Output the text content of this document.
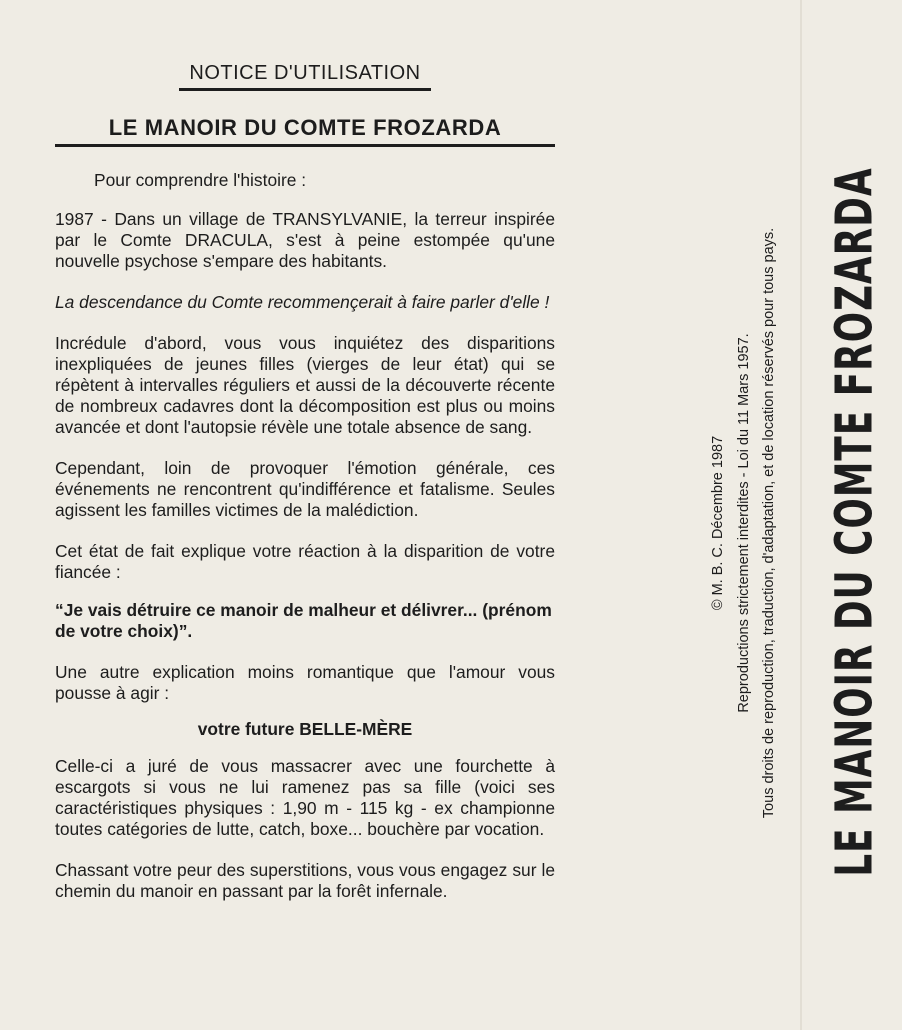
NOTICE D'UTILISATION
LE MANOIR DU COMTE FROZARDA

Pour comprendre l'histoire :

1987 - Dans un village de TRANSYLVANIE, la terreur inspirée par le Comte DRACULA, s'est à peine estompée qu'une nouvelle psychose s'empare des habitants.

La descendance du Comte recommençerait à faire parler d'elle !

Incrédule d'abord, vous vous inquiétez des disparitions inexpliquées de jeunes filles (vierges de leur état) qui se répètent à intervalles réguliers et aussi de la découverte récente de nombreux cadavres dont la décomposition est plus ou moins avancée et dont l'autopsie révèle une totale absence de sang.

Cependant, loin de provoquer l'émotion générale, ces événements ne rencontrent qu'indifférence et fatalisme. Seules agissent les familles victimes de la malédiction.

Cet état de fait explique votre réaction à la disparition de votre fiancée :

“Je vais détruire ce manoir de malheur et délivrer... (prénom de votre choix)”.

Une autre explication moins romantique que l'amour vous pousse à agir :

votre future BELLE-MÈRE

Celle-ci a juré de vous massacrer avec une fourchette à escargots si vous ne lui ramenez pas sa fille (voici ses caractéristiques physiques : 1,90 m - 115 kg - ex championne toutes catégories de lutte, catch, boxe... bouchère par vocation.

Chassant votre peur des superstitions, vous vous engagez sur le chemin du manoir en passant par la forêt infernale.

© M. B. C. Décembre 1987 Reproductions strictement interdites - Loi du 11 Mars 1957. Tous droits de reproduction, traduction, d'adaptation, et de location réservés pour tous pays. LE MANOIR DU COMTE FROZARDA
